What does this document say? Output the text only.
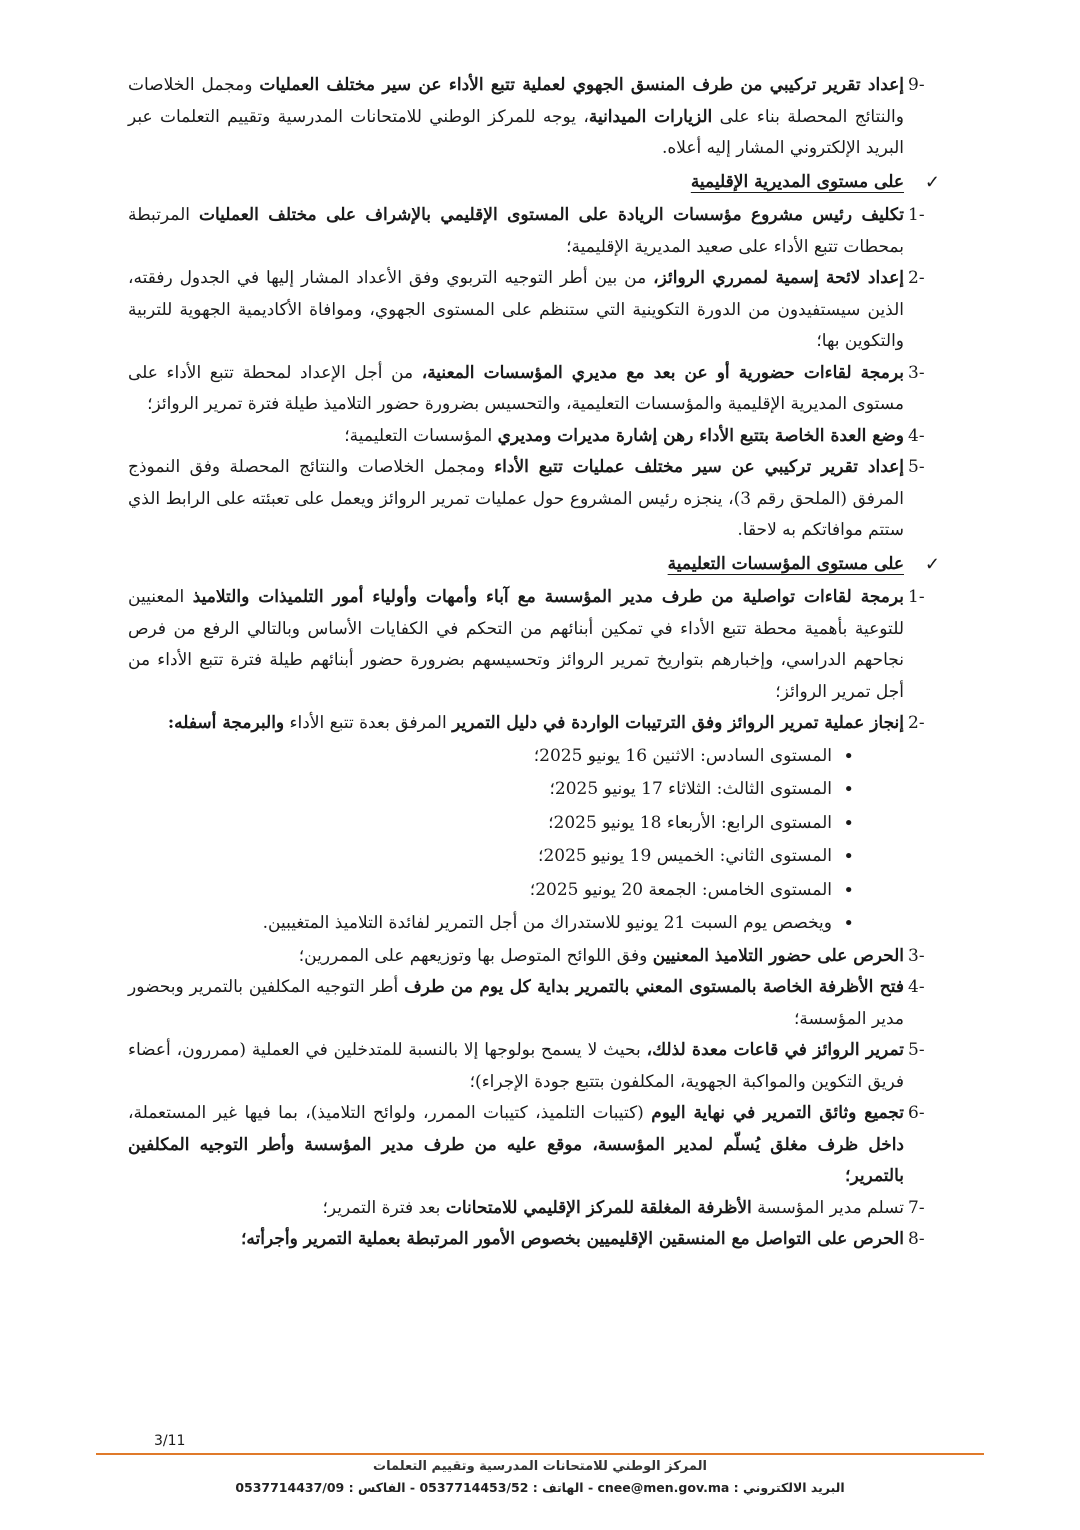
9-

إعداد تقرير تركيبي من طرف المنسق الجهوي لعملية تتبع الأداء عن سير مختلف العمليات ومجمل الخلاصات والنتائج المحصلة بناء على الزيارات الميدانية، يوجه للمركز الوطني للامتحانات المدرسية وتقييم التعلمات عبر البريد الإلكتروني المشار إليه أعلاه.

✓
على مستوى المديرية الإقليمية
1-

تكليف رئيس مشروع مؤسسات الريادة على المستوى الإقليمي بالإشراف على مختلف العمليات المرتبطة بمحطات تتبع الأداء على صعيد المديرية الإقليمية؛

2-

إعداد لائحة إسمية لممرري الروائز، من بين أطر التوجيه التربوي وفق الأعداد المشار إليها في الجدول رفقته، الذين سيستفيدون من الدورة التكوينية التي ستنظم على المستوى الجهوي، وموافاة الأكاديمية الجهوية للتربية والتكوين بها؛

3-

برمجة لقاءات حضورية أو عن بعد مع مديري المؤسسات المعنية، من أجل الإعداد لمحطة تتبع الأداء على مستوى المديرية الإقليمية والمؤسسات التعليمية، والتحسيس بضرورة حضور التلاميذ طيلة فترة تمرير الروائز؛

4-

وضع العدة الخاصة بتتبع الأداء رهن إشارة مديرات ومديري المؤسسات التعليمية؛

5-

إعداد تقرير تركيبي عن سير مختلف عمليات تتبع الأداء ومجمل الخلاصات والنتائج المحصلة وفق النموذج المرفق (الملحق رقم 3)، ينجزه رئيس المشروع حول عمليات تمرير الروائز ويعمل على تعبئته على الرابط الذي ستتم موافاتكم به لاحقا.

✓
على مستوى المؤسسات التعليمية
1-

برمجة لقاءات تواصلية من طرف مدير المؤسسة مع آباء وأمهات وأولياء أمور التلميذات والتلاميذ المعنيين للتوعية بأهمية محطة تتبع الأداء في تمكين أبنائهم من التحكم في الكفايات الأساس وبالتالي الرفع من فرص نجاحهم الدراسي، وإخبارهم بتواريخ تمرير الروائز وتحسيسهم بضرورة حضور أبنائهم طيلة فترة تتبع الأداء من أجل تمرير الروائز؛

2-

إنجاز عملية تمرير الروائز وفق الترتيبات الواردة في دليل التمرير المرفق بعدة تتبع الأداء والبرمجة أسفله:

• المستوى السادس: الاثنين 16 يونيو 2025؛
• المستوى الثالث: الثلاثاء 17 يونيو 2025؛
• المستوى الرابع: الأربعاء 18 يونيو 2025؛
• المستوى الثاني: الخميس 19 يونيو 2025؛
• المستوى الخامس: الجمعة 20 يونيو 2025؛
• ويخصص يوم السبت 21 يونيو للاستدراك من أجل التمرير لفائدة التلاميذ المتغيبين.
3-

الحرص على حضور التلاميذ المعنيين وفق اللوائح المتوصل بها وتوزيعهم على الممررين؛

4-

فتح الأظرفة الخاصة بالمستوى المعني بالتمرير بداية كل يوم من طرف أطر التوجيه المكلفين بالتمرير وبحضور مدير المؤسسة؛

5-

تمرير الروائز في قاعات معدة لذلك، بحيث لا يسمح بولوجها إلا بالنسبة للمتدخلين في العملية (ممررون، أعضاء فريق التكوين والمواكبة الجهوية، المكلفون بتتبع جودة الإجراء)؛

6-

تجميع وثائق التمرير في نهاية اليوم (كتيبات التلميذ، كتيبات الممرر، ولوائح التلاميذ)، بما فيها غير المستعملة، داخل ظرف مغلق يُسلّم لمدير المؤسسة، موقع عليه من طرف مدير المؤسسة وأطر التوجيه المكلفين بالتمرير؛

7-

تسلم مدير المؤسسة الأظرفة المغلقة للمركز الإقليمي للامتحانات بعد فترة التمرير؛

8-

الحرص على التواصل مع المنسقين الإقليميين بخصوص الأمور المرتبطة بعملية التمرير وأجرأته؛

3/11
المركز الوطني للامتحانات المدرسية وتقييم التعلمات
البريد الالكتروني : cnee@men.gov.ma - الهاتف : 0537714453/52 - الفاكس : 0537714437/09
